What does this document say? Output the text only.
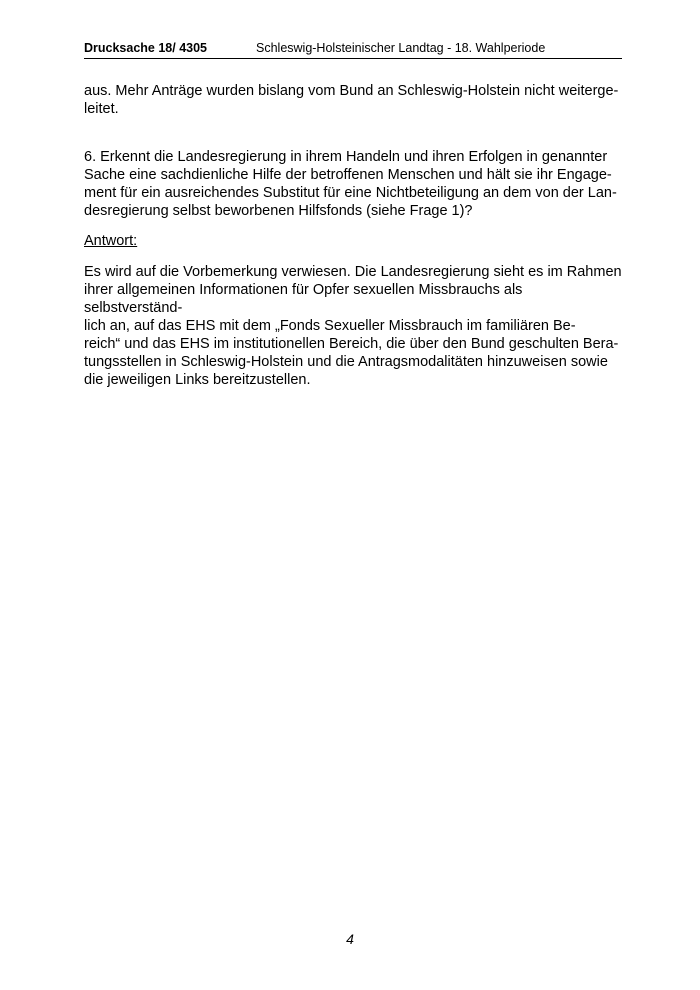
Drucksache 18/ 4305	Schleswig-Holsteinischer Landtag - 18. Wahlperiode

aus. Mehr Anträge wurden bislang vom Bund an Schleswig-Holstein nicht weiterge-
leitet.

6. Erkennt die Landesregierung in ihrem Handeln und ihren Erfolgen in genannter
Sache eine sachdienliche Hilfe der betroffenen Menschen und hält sie ihr Engage-
ment für ein ausreichendes Substitut für eine Nichtbeteiligung an dem von der Lan-
desregierung selbst beworbenen Hilfsfonds (siehe Frage 1)?

Antwort:

Es wird auf die Vorbemerkung verwiesen. Die Landesregierung sieht es im Rahmen
ihrer allgemeinen Informationen für Opfer sexuellen Missbrauchs als selbstverständ-
lich an, auf das EHS mit dem „Fonds Sexueller Missbrauch im familiären Be-
reich“ und das EHS im institutionellen Bereich, die über den Bund geschulten Bera-
tungsstellen in Schleswig-Holstein und die Antragsmodalitäten hinzuweisen sowie
die jeweiligen Links bereitzustellen.

4
